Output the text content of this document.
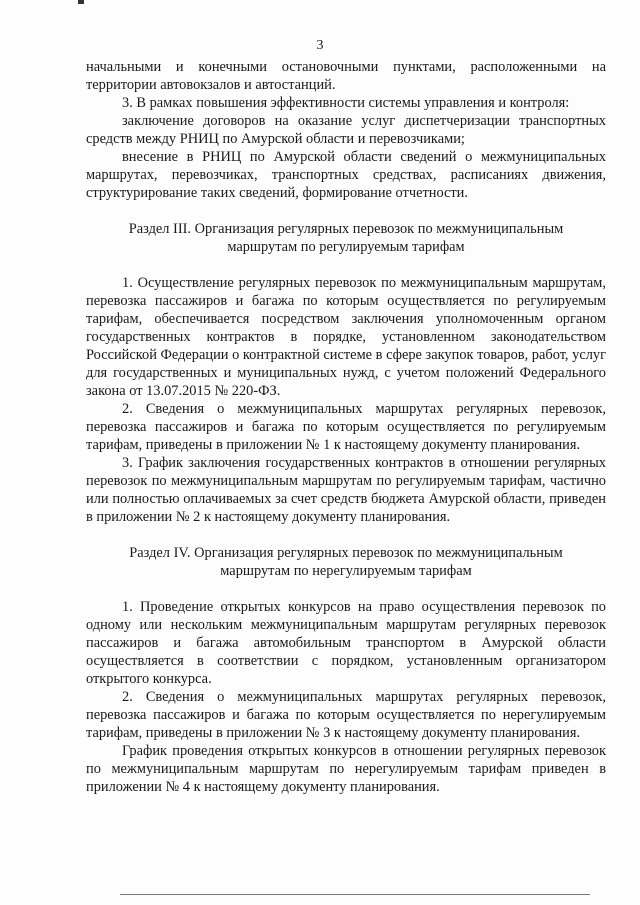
3

начальными и конечными остановочными пунктами, расположенными на территории автовокзалов и автостанций.

3. В рамках повышения эффективности системы управления и контроля:

заключение договоров на оказание услуг диспетчеризации транспортных средств между РНИЦ по Амурской области и перевозчиками;

внесение в РНИЦ по Амурской области сведений о межмуниципальных маршрутах, перевозчиках, транспортных средствах, расписаниях движения, структурирование таких сведений, формирование отчетности.

Раздел III. Организация регулярных перевозок по межмуниципальным маршрутам по регулируемым тарифам

1. Осуществление регулярных перевозок по межмуниципальным маршрутам, перевозка пассажиров и багажа по которым осуществляется по регулируемым тарифам, обеспечивается посредством заключения уполномоченным органом государственных контрактов в порядке, установленном законодательством Российской Федерации о контрактной системе в сфере закупок товаров, работ, услуг для государственных и муниципальных нужд, с учетом положений Федерального закона от 13.07.2015 № 220-ФЗ.

2. Сведения о межмуниципальных маршрутах регулярных перевозок, перевозка пассажиров и багажа по которым осуществляется по регулируемым тарифам, приведены в приложении № 1 к настоящему документу планирования.

3. График заключения государственных контрактов в отношении регулярных перевозок по межмуниципальным маршрутам по регулируемым тарифам, частично или полностью оплачиваемых за счет средств бюджета Амурской области, приведен в приложении № 2 к настоящему документу планирования.

Раздел IV. Организация регулярных перевозок по межмуниципальным маршрутам по нерегулируемым тарифам

1. Проведение открытых конкурсов на право осуществления перевозок по одному или нескольким межмуниципальным маршрутам регулярных перевозок пассажиров и багажа автомобильным транспортом в Амурской области осуществляется в соответствии с порядком, установленным организатором открытого конкурса.

2. Сведения о межмуниципальных маршрутах регулярных перевозок, перевозка пассажиров и багажа по которым осуществляется по нерегулируемым тарифам, приведены в приложении № 3 к настоящему документу планирования.

График проведения открытых конкурсов в отношении регулярных перевозок по межмуниципальным маршрутам по нерегулируемым тарифам приведен в приложении № 4 к настоящему документу планирования.
